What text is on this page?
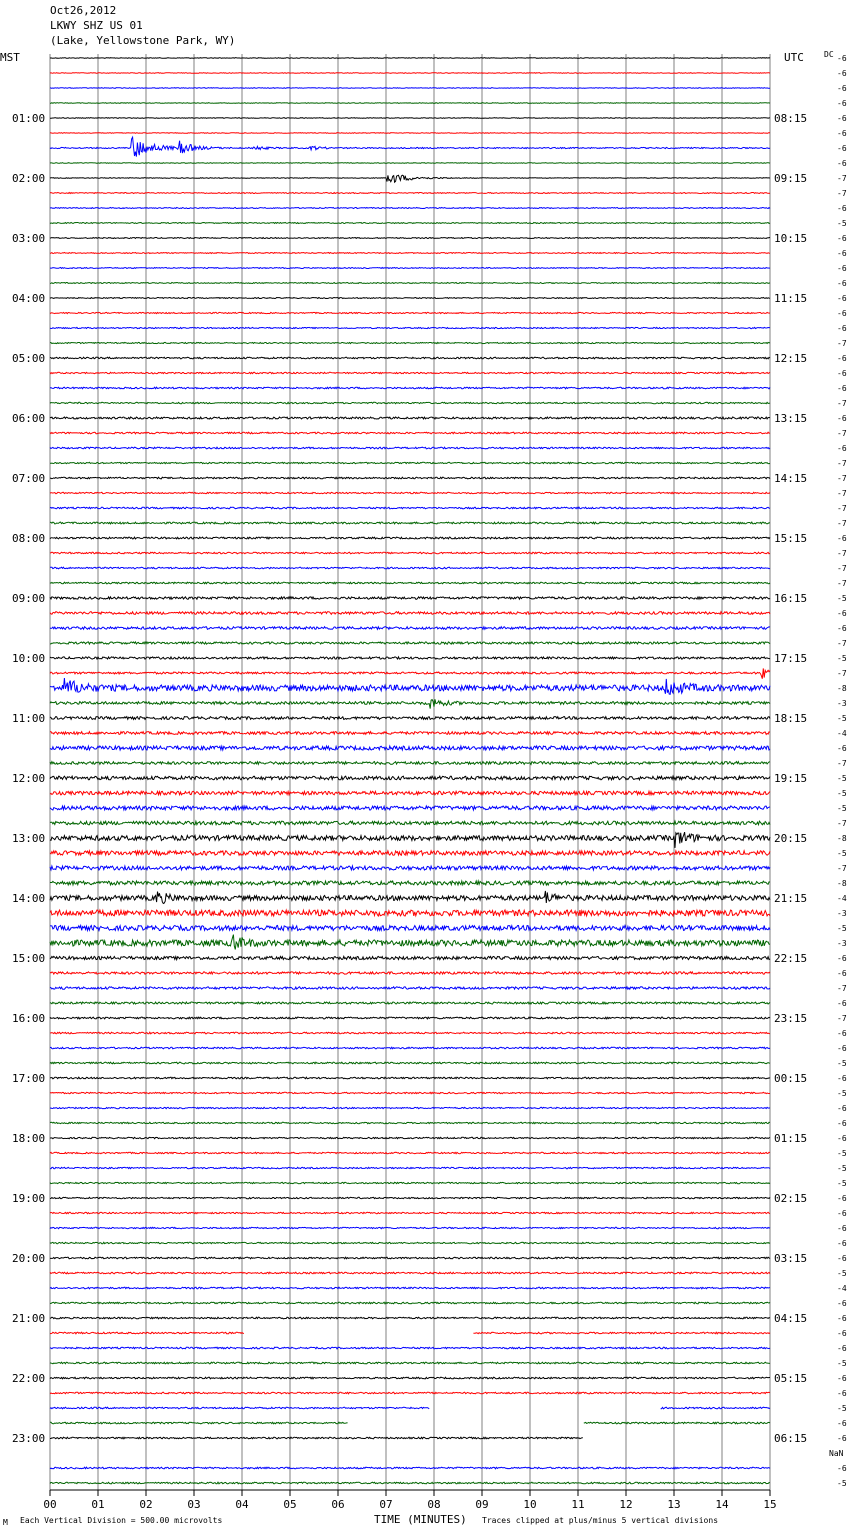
Oct26,2012
LKWY SHZ US 01
(Lake, Yellowstone Park, WY)
MST	UTC	DC
01:00
02:00
03:00
04:00
05:00
06:00
07:00
08:00
09:00
10:00
11:00
12:00
13:00
14:00
15:00
16:00
17:00
18:00
19:00
20:00
21:00
22:00
23:00
08:15
09:15
10:15
11:15
12:15
13:15
14:15
15:15
16:15
17:15
18:15
19:15
20:15
21:15
22:15
23:15
00:15
01:15
02:15
03:15
04:15
05:15
06:15
-6
-6
-6
-6
-6
-6
-6
-6
-7
-7
-6
-5
-6
-6
-6
-6
-6
-6
-6
-7
-6
-6
-6
-7
-6
-7
-6
-7
-7
-7
-7
-7
-6
-7
-7
-7
-5
-6
-6
-7
-5
-7
-8
-3
-5
-4
-6
-7
-5
-5
-5
-7
-8
-5
-7
-8
-4
-3
-5
-3
-6
-6
-7
-6
-7
-6
-6
-5
-6
-5
-6
-6
-6
-5
-5
-5
-6
-6
-6
-6
-6
-5
-4
-6
-6
-6
-6
-5
-6
-6
-5
-6
-6
-6
-5
NaN
00	01	02	03	04	05	06	07	08	09	10	11	12	13	14	15
M Each Vertical Division = 500.00 microvolts	TIME (MINUTES) Traces clipped at plus/minus 5 vertical divisions
